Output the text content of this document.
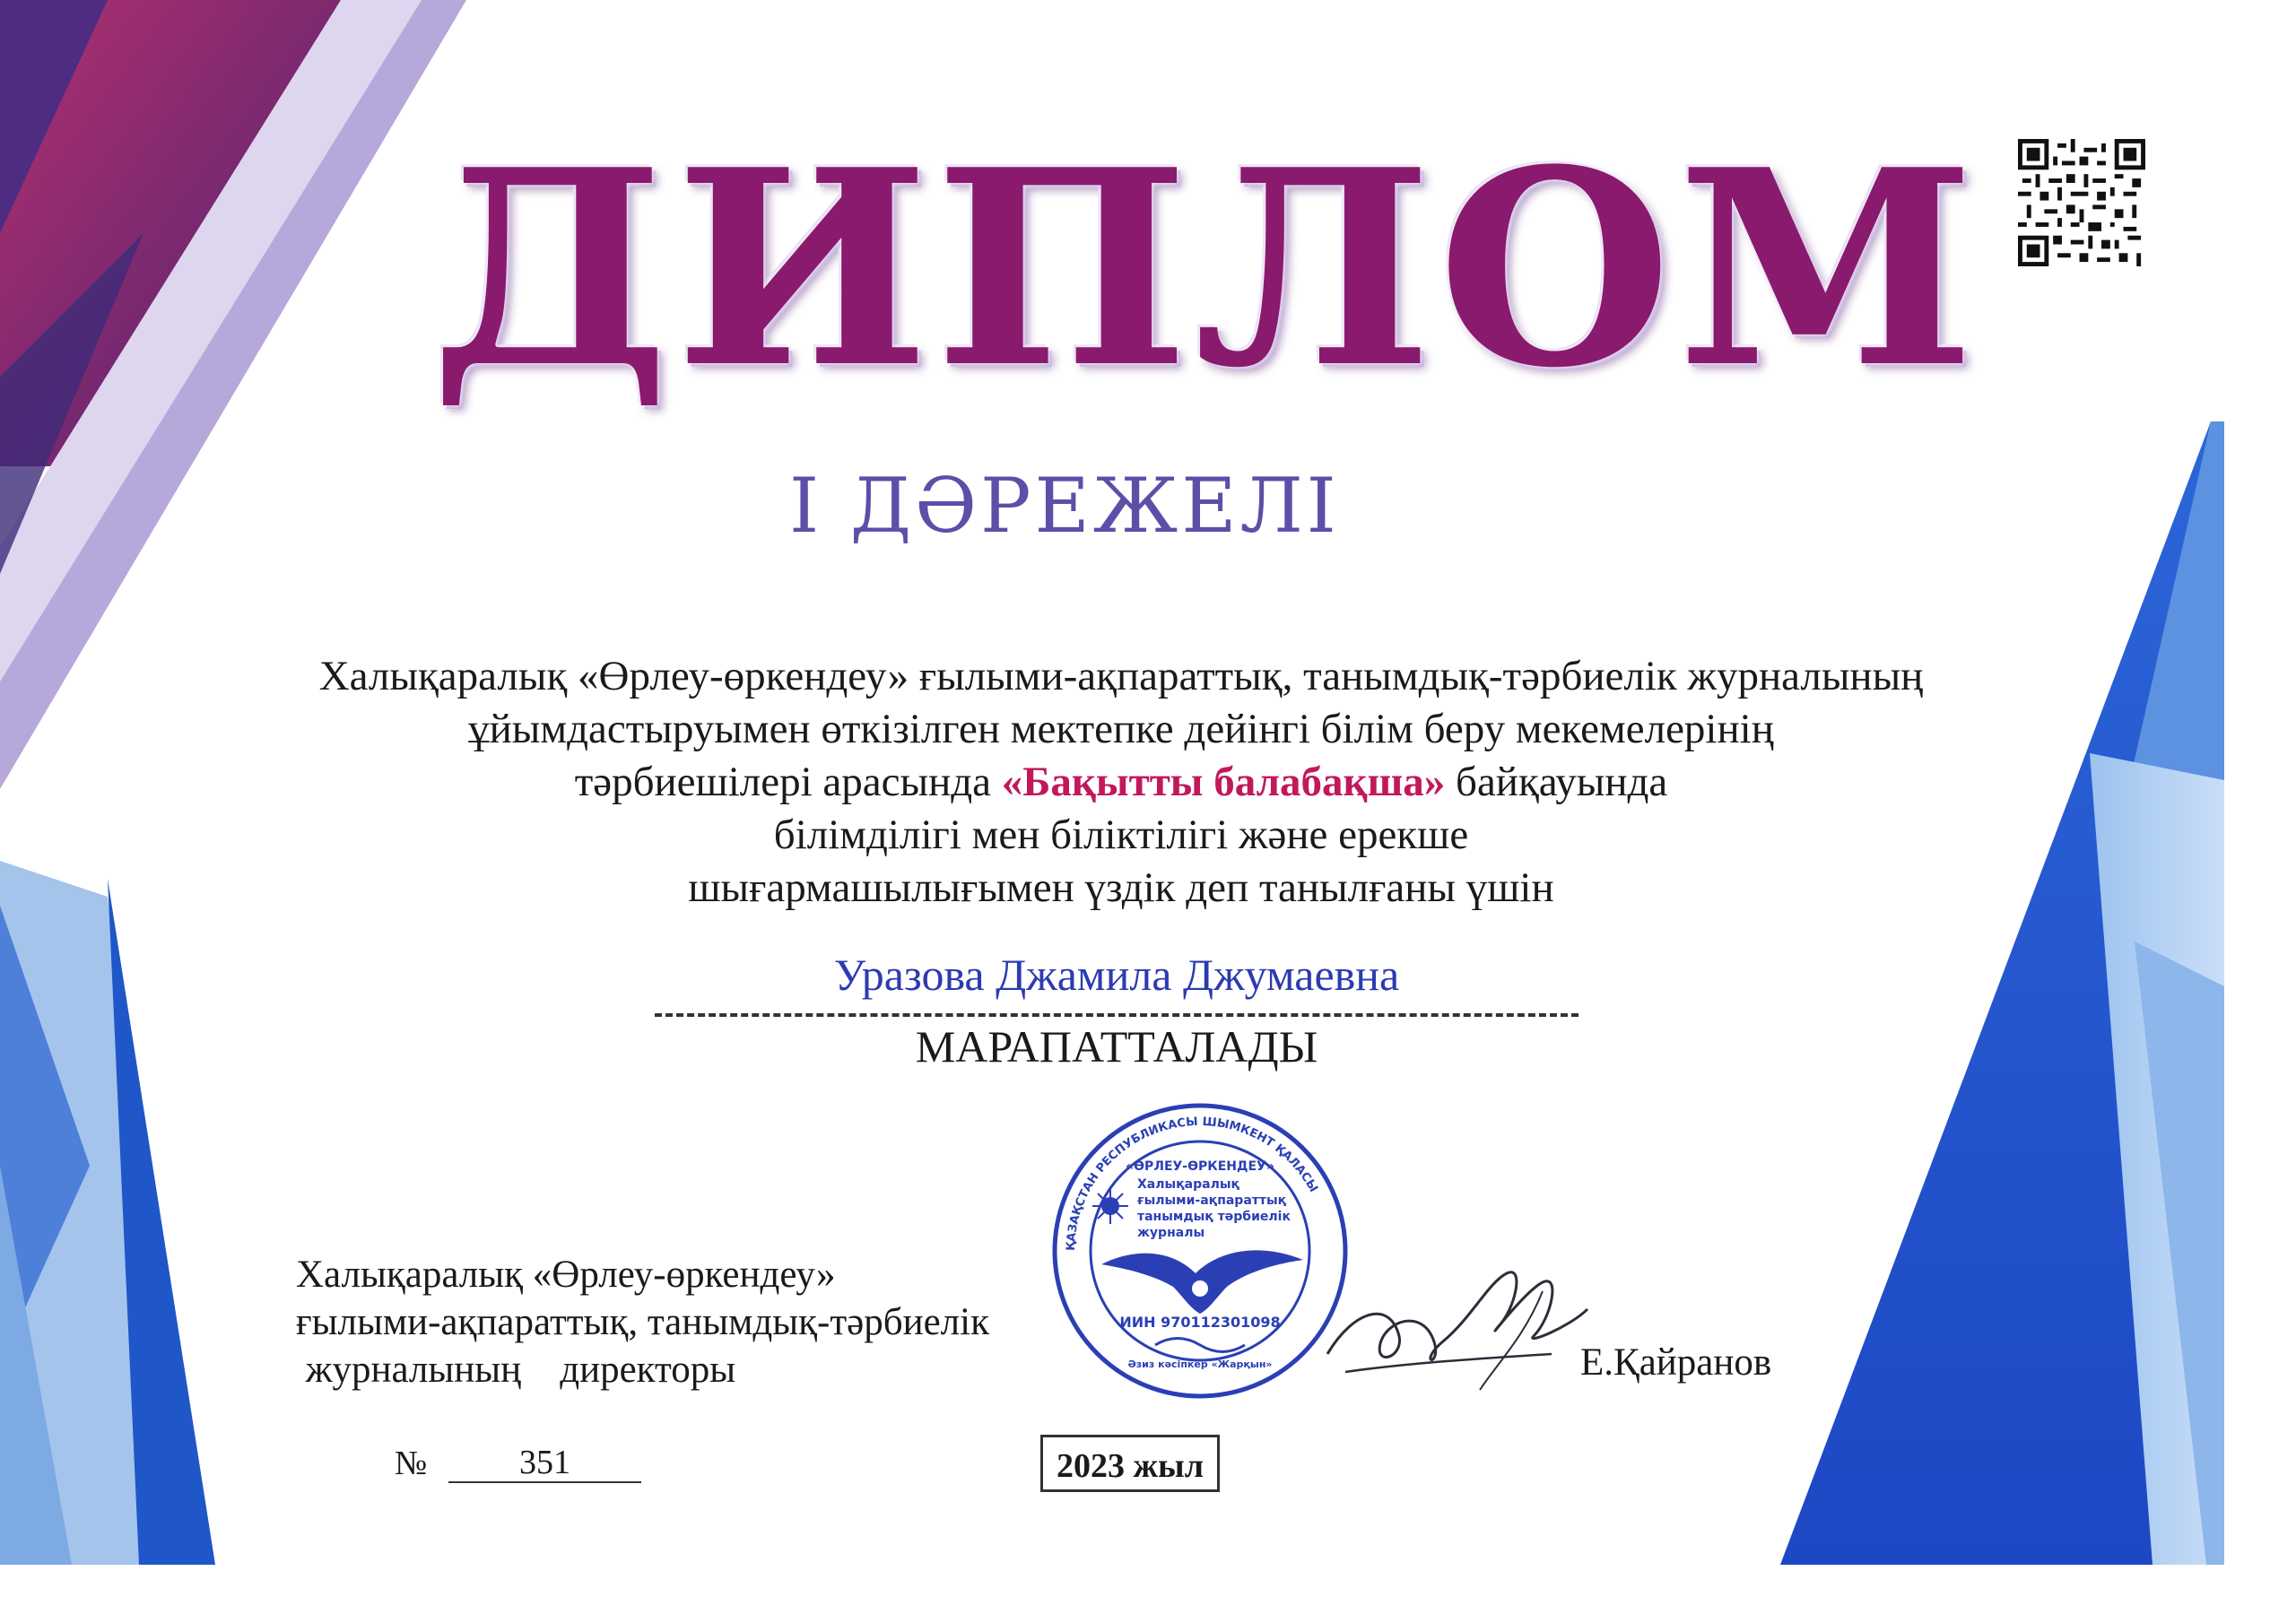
ДИПЛОМ
І ДӘРЕЖЕЛІ
Халықаралық «Өрлеу-өркендеу» ғылыми-ақпараттық, танымдық-тәрбиелік журналының
ұйымдастыруымен өткізілген мектепке дейінгі білім беру мекемелерінің
тәрбиешілері арасында «Бақытты балабақша» байқауында
білімділігі мен біліктілігі және ерекше
шығармашылығымен үздік деп танылғаны үшін
Уразова Джамила Джумаевна
МАРАПАТТАЛАДЫ
ҚАЗАҚСТАН РЕСПУБЛИКАСЫ ШЫМКЕНТ ҚАЛАСЫ
«ӨРЛЕУ-ӨРКЕНДЕУ»
Халықаралық
ғылыми-ақпараттық
танымдық тәрбиелік
журналы
ИИН 970112301098
Әзиз кәсіпкер «Жарқын»
Халықаралық «Өрлеу-өркендеу»
ғылыми-ақпараттық, танымдық-тәрбиелік
журналының    директоры	Е.Қайранов
№	351	2023 жыл
